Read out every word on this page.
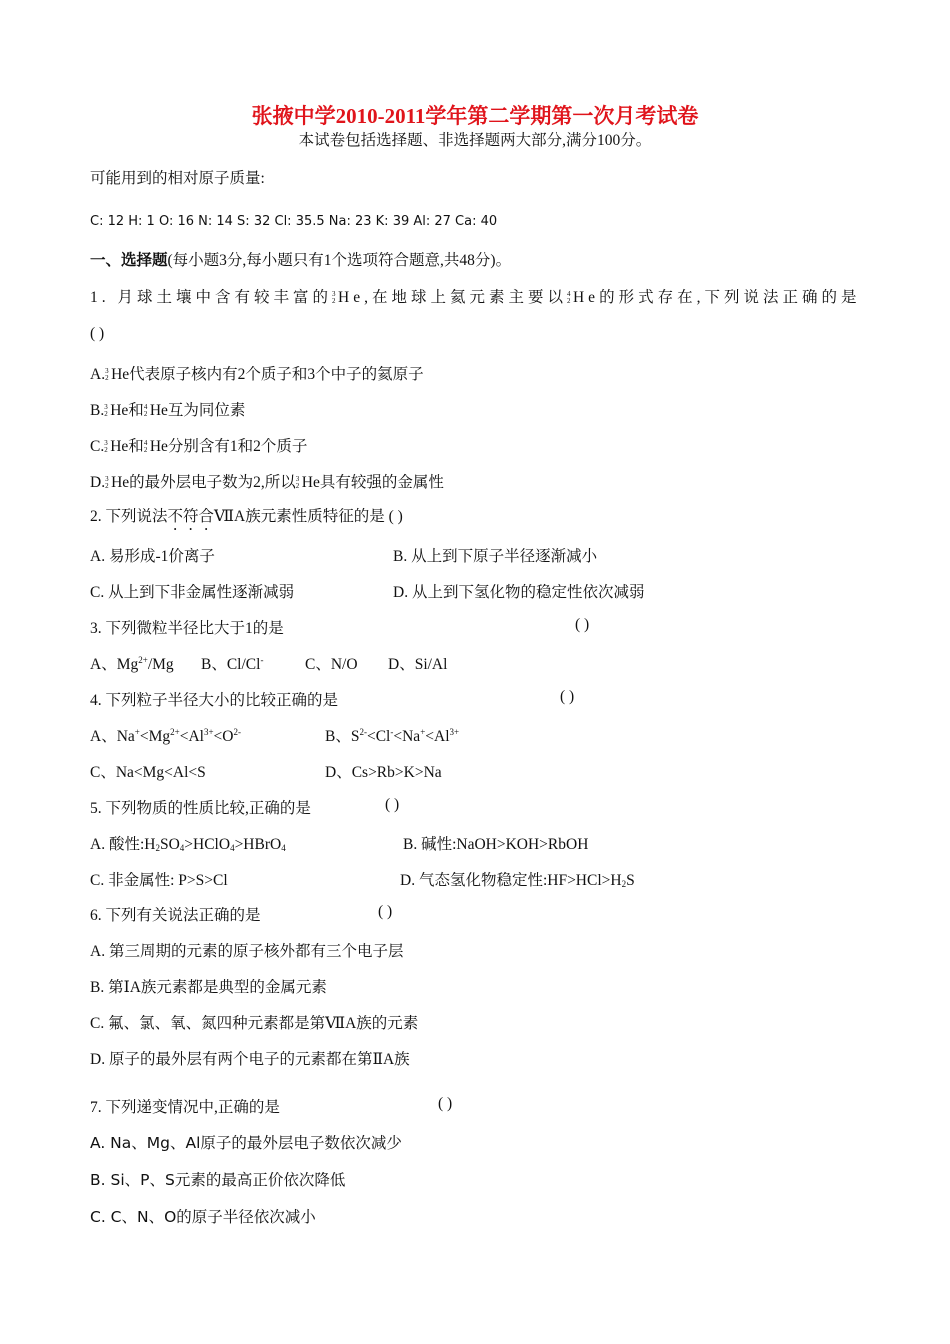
张掖中学2010-2011学年第二学期第一次月考试卷
本试卷包括选择题、非选择题两大部分,满分100分。
可能用到的相对原子质量:
C: 12 H: 1 O: 16 N: 14 S: 32 Cl: 35.5 Na: 23 K: 39 Al: 27 Ca: 40
一、选择题(每小题3分,每小题只有1个选项符合题意,共48分)。
1. 月球土壤中含有较丰富的 3
2
He,在地球上氦元素主要以 4
2
He的形式存在,下列说法正确的是
( )
A. 3
2 He代表原子核内有2个质子和3个中子的氦原子
B. 3
2 He和 4
2 He互为同位素
C. 3
2 He和 4
2 He分别含有1和2个质子
D. 3
2 He的最外层电子数为2,所以 3
2 He具有较强的金属性
2. 下列说法不符合ⅦA族元素性质特征的是 ( )
A. 易形成-1价离子	B. 从上到下原子半径逐渐减小
C. 从上到下非金属性逐渐减弱	D. 从上到下氢化物的稳定性依次减弱
3. 下列微粒半径比大于1的是	( )
A、$Mg^{2+}/Mg$ B、Cl/Cl-	C、N/O D、Si/Al
4. 下列粒子半径大小的比较正确的是	( )
A、$Na^+<Mg^{2+}<Al^{3+}<O^{2-}$	B、$S^{2-}<Cl^-<Na^+<Al^{3+}$
C、Na<Mg<Al<S	D、Cs>Rb>K>Na
5. 下列物质的性质比较,正确的是	( )
A. 酸性$:H_2SO_4>HClO_4>HBrO_4$	B. 碱性:NaOH>KOH>RbOH
C. 非金属性: P>S>Cl	D. 气态氢化物稳定性$:HF>HCl>H_2S$
6. 下列有关说法正确的是	( )
A. 第三周期的元素的原子核外都有三个电子层
B. 第ⅠA族元素都是典型的金属元素
C. 氟、氯、氧、氮四种元素都是第ⅦA族的元素
D. 原子的最外层有两个电子的元素都在第ⅡA族
7. 下列递变情况中,正确的是	( )
A. Na、Mg、Al原子的最外层电子数依次减少
B. Si、P、S元素的最高正价依次降低
C. C、N、O的原子半径依次减小
